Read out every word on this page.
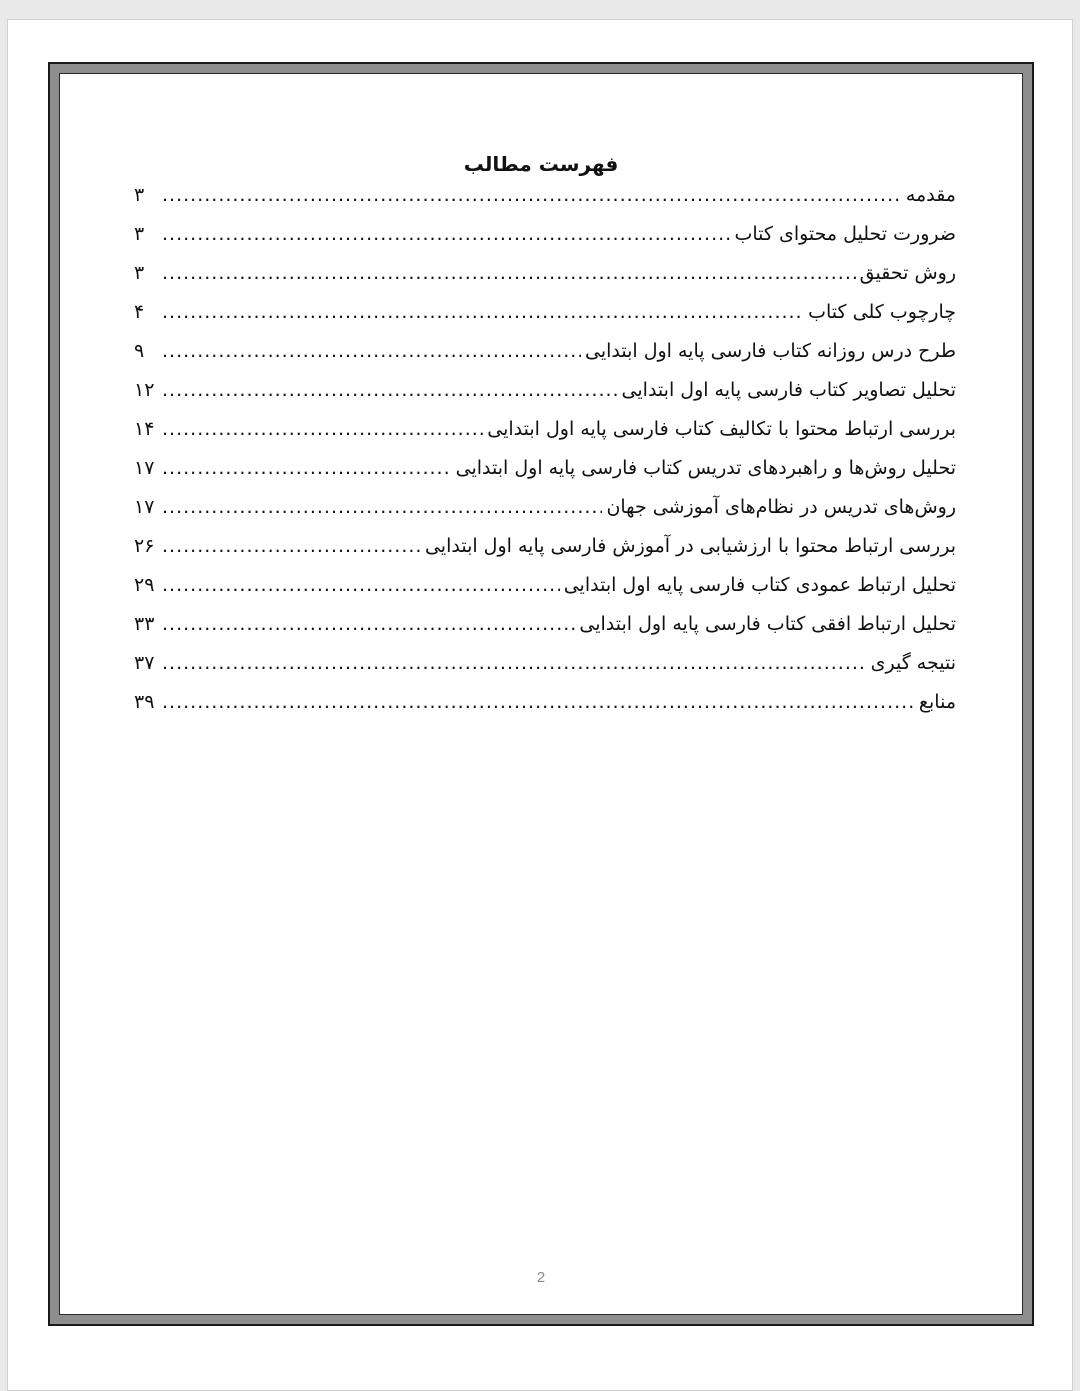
فهرست مطالب
مقدمه
.....
۳
ضرورت تحلیل محتوای کتاب
.....
۳
روش تحقیق
.....
۳
چارچوب کلی کتاب
.....
۴
طرح درس روزانه کتاب فارسی پایه اول ابتدایی
.....
۹
تحلیل تصاویر کتاب فارسی پایه اول ابتدایی
.....
۱۲
بررسی ارتباط محتوا با تکالیف کتاب فارسی پایه اول ابتدایی
.....
۱۴
تحلیل روش‌ها و راهبردهای تدریس کتاب فارسی پایه اول ابتدایی
.....
۱۷
روش‌های تدریس در نظام‌های آموزشی جهان
.....
۱۷
بررسی ارتباط محتوا با ارزشیابی در آموزش فارسی پایه اول ابتدایی
.....
۲۶
تحلیل ارتباط عمودی کتاب فارسی پایه اول ابتدایی
.....
۲۹
تحلیل ارتباط افقی کتاب فارسی پایه اول ابتدایی
.....
۳۳
نتیجه گیری
.....
۳۷
منابع
.....
۳۹
2
